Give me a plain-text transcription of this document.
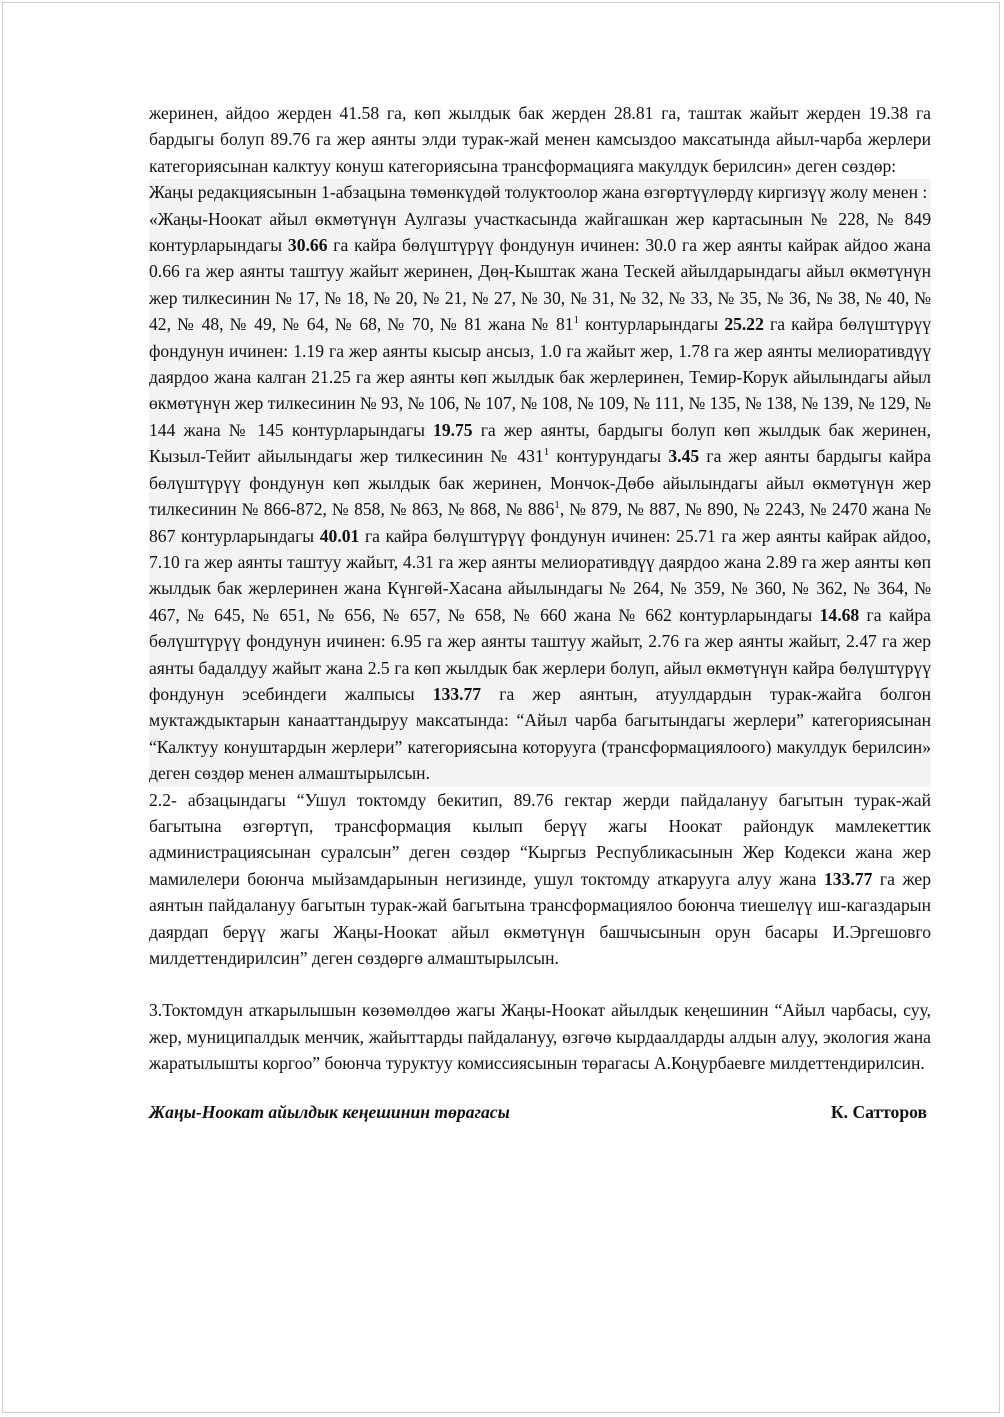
жеринен, айдоо жерден 41.58 га, көп жылдык бак жерден 28.81 га, таштак жайыт жерден 19.38 га бардыгы болуп 89.76 га жер аянты элди турак-жай менен камсыздоо максатында айыл-чарба жерлери категориясынан калктуу конуш категориясына трансформацияга макулдук берилсин» деген сөздөр:

Жаңы редакциясынын 1-абзацына төмөнкүдөй толуктоолор жана өзгөртүүлөрдү киргизүү жолу менен :

«Жаңы-Ноокат айыл өкмөтүнүн Аулгазы участкасында жайгашкан жер картасынын № 228, № 849 контурларындагы 30.66 га кайра бөлүштүрүү фондунун ичинен: 30.0 га жер аянты кайрак айдоо жана 0.66 га жер аянты таштуу жайыт жеринен, Дөң-Кыштак жана Тескей айылдарындагы айыл өкмөтүнүн жер тилкесинин № 17, № 18, № 20, № 21, № 27, № 30, № 31, № 32, № 33, № 35, № 36, № 38, № 40, № 42, № 48, № 49, № 64, № 68, № 70, № 81 жана № $81^1$ контурларындагы 25.22 га кайра бөлүштүрүү фондунун ичинен: 1.19 га жер аянты кысыр ансыз, 1.0 га жайыт жер, 1.78 га жер аянты мелиоративдүү даярдоо жана калган 21.25 га жер аянты көп жылдык бак жерлеринен, Темир-Корук айылындагы айыл өкмөтүнүн жер тилкесинин № 93, № 106, № 107, № 108, № 109, № 111, № 135, № 138, № 139, № 129, № 144 жана № 145 контурларындагы 19.75 га жер аянты, бардыгы болуп көп жылдык бак жеринен, Кызыл-Тейит айылындагы жер тилкесинин № $431^1$ контурундагы 3.45 га жер аянты бардыгы кайра бөлүштүрүү фондунун көп жылдык бак жеринен, Мончок-Дөбө айылындагы айыл өкмөтүнүн жер тилкесинин № 866-872, № 858, № 863, № 868, № $886^1$, № 879, № 887, № 890, № 2243, № 2470 жана № 867 контурларындагы 40.01 га кайра бөлүштүрүү фондунун ичинен: 25.71 га жер аянты кайрак айдоо, 7.10 га жер аянты таштуу жайыт, 4.31 га жер аянты мелиоративдүү даярдоо жана 2.89 га жер аянты көп жылдык бак жерлеринен жана Күнгөй-Хасана айылындагы № 264, № 359, № 360, № 362, № 364, № 467, № 645, № 651, № 656, № 657, № 658, № 660 жана № 662 контурларындагы 14.68 га кайра бөлүштүрүү фондунун ичинен: 6.95 га жер аянты таштуу жайыт, 2.76 га жер аянты жайыт, 2.47 га жер аянты бадалдуу жайыт жана 2.5 га көп жылдык бак жерлери болуп, айыл өкмөтүнүн кайра бөлүштүрүү фондунун эсебиндеги жалпысы 133.77 га жер аянтын, атуулдардын турак-жайга болгон муктаждыктарын канааттандыруу максатында: “Айыл чарба багытындагы жерлери” категориясынан “Калктуу конуштардын жерлери” категориясына которууга (трансформациялоого) макулдук берилсин» деген сөздөр менен алмаштырылсын.

2.2- абзацындагы “Ушул токтомду бекитип, 89.76 гектар жерди пайдалануу багытын турак-жай багытына өзгөртүп, трансформация кылып берүү жагы Ноокат райондук мамлекеттик администрациясынан суралсын” деген сөздөр “Кыргыз Республикасынын Жер Кодекси жана жер мамилелери боюнча мыйзамдарынын негизинде, ушул токтомду аткарууга алуу жана 133.77 га жер аянтын пайдалануу багытын турак-жай багытына трансформациялоо боюнча тиешелүү иш-кагаздарын даярдап берүү жагы Жаңы-Ноокат айыл өкмөтүнүн башчысынын орун басары И.Эргешовго милдеттендирилсин” деген сөздөргө алмаштырылсын.

3.Токтомдун аткарылышын көзөмөлдөө жагы Жаңы-Ноокат айылдык кеңешинин “Айыл чарбасы, суу, жер, муниципалдык менчик, жайыттарды пайдалануу, өзгөчө кырдаалдарды алдын алуу, экология жана жаратылышты коргоо” боюнча туруктуу комиссиясынын төрагасы А.Коңурбаевге милдеттендирилсин.

Жаңы-Ноокат айылдык кеңешинин төрагасы	К. Сатторов
